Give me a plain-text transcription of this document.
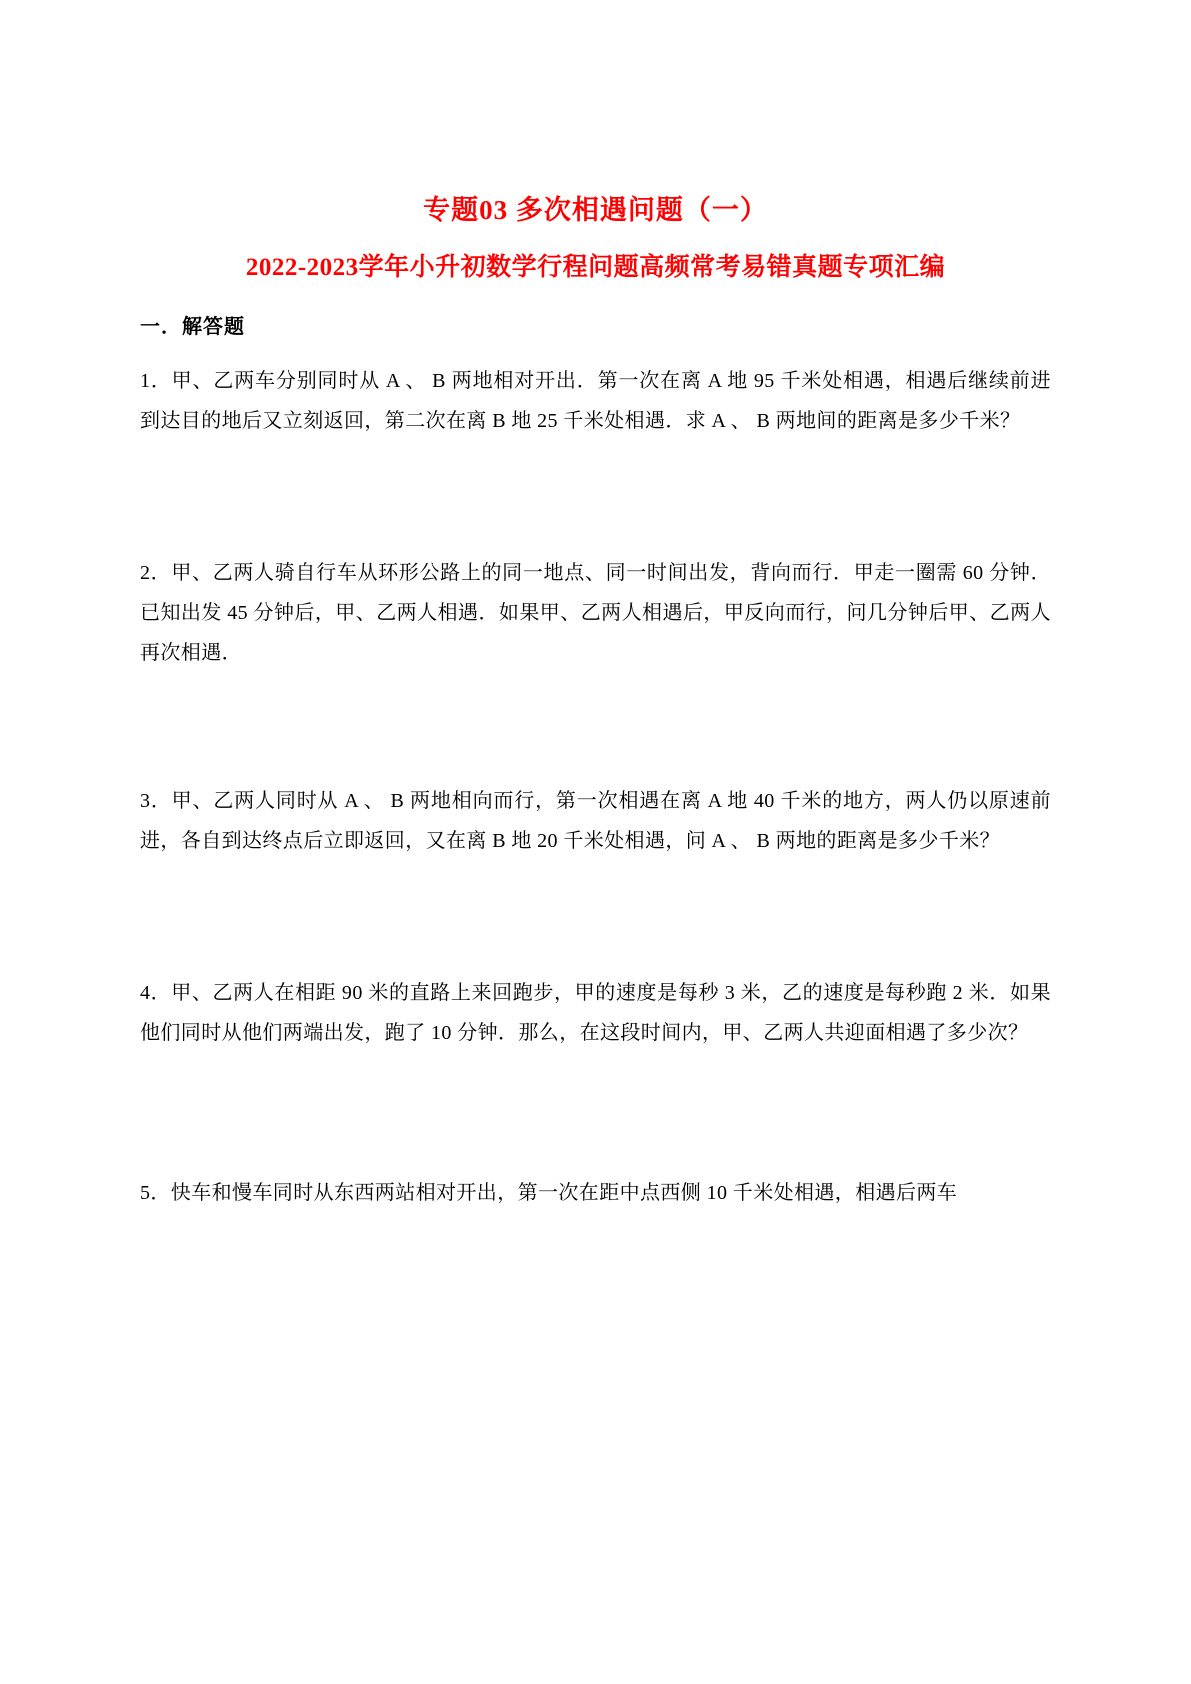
专题03 多次相遇问题（一）
2022-2023学年小升初数学行程问题高频常考易错真题专项汇编
一．解答题

1．甲、乙两车分别同时从 A 、 B 两地相对开出．第一次在离 A 地 95 千米处相遇，相遇后继续前进到达目的地后又立刻返回，第二次在离 B 地 25 千米处相遇．求 A 、 B 两地间的距离是多少千米？

2．甲、乙两人骑自行车从环形公路上的同一地点、同一时间出发，背向而行．甲走一圈需 60 分钟．已知出发 45 分钟后，甲、乙两人相遇．如果甲、乙两人相遇后，甲反向而行，问几分钟后甲、乙两人再次相遇．

3．甲、乙两人同时从 A 、 B 两地相向而行，第一次相遇在离 A 地 40 千米的地方，两人仍以原速前进，各自到达终点后立即返回，又在离 B 地 20 千米处相遇，问 A 、 B 两地的距离是多少千米？

4．甲、乙两人在相距 90 米的直路上来回跑步，甲的速度是每秒 3 米，乙的速度是每秒跑 2 米．如果他们同时从他们两端出发，跑了 10 分钟．那么，在这段时间内，甲、乙两人共迎面相遇了多少次？

5．快车和慢车同时从东西两站相对开出，第一次在距中点西侧 10 千米处相遇，相遇后两车
